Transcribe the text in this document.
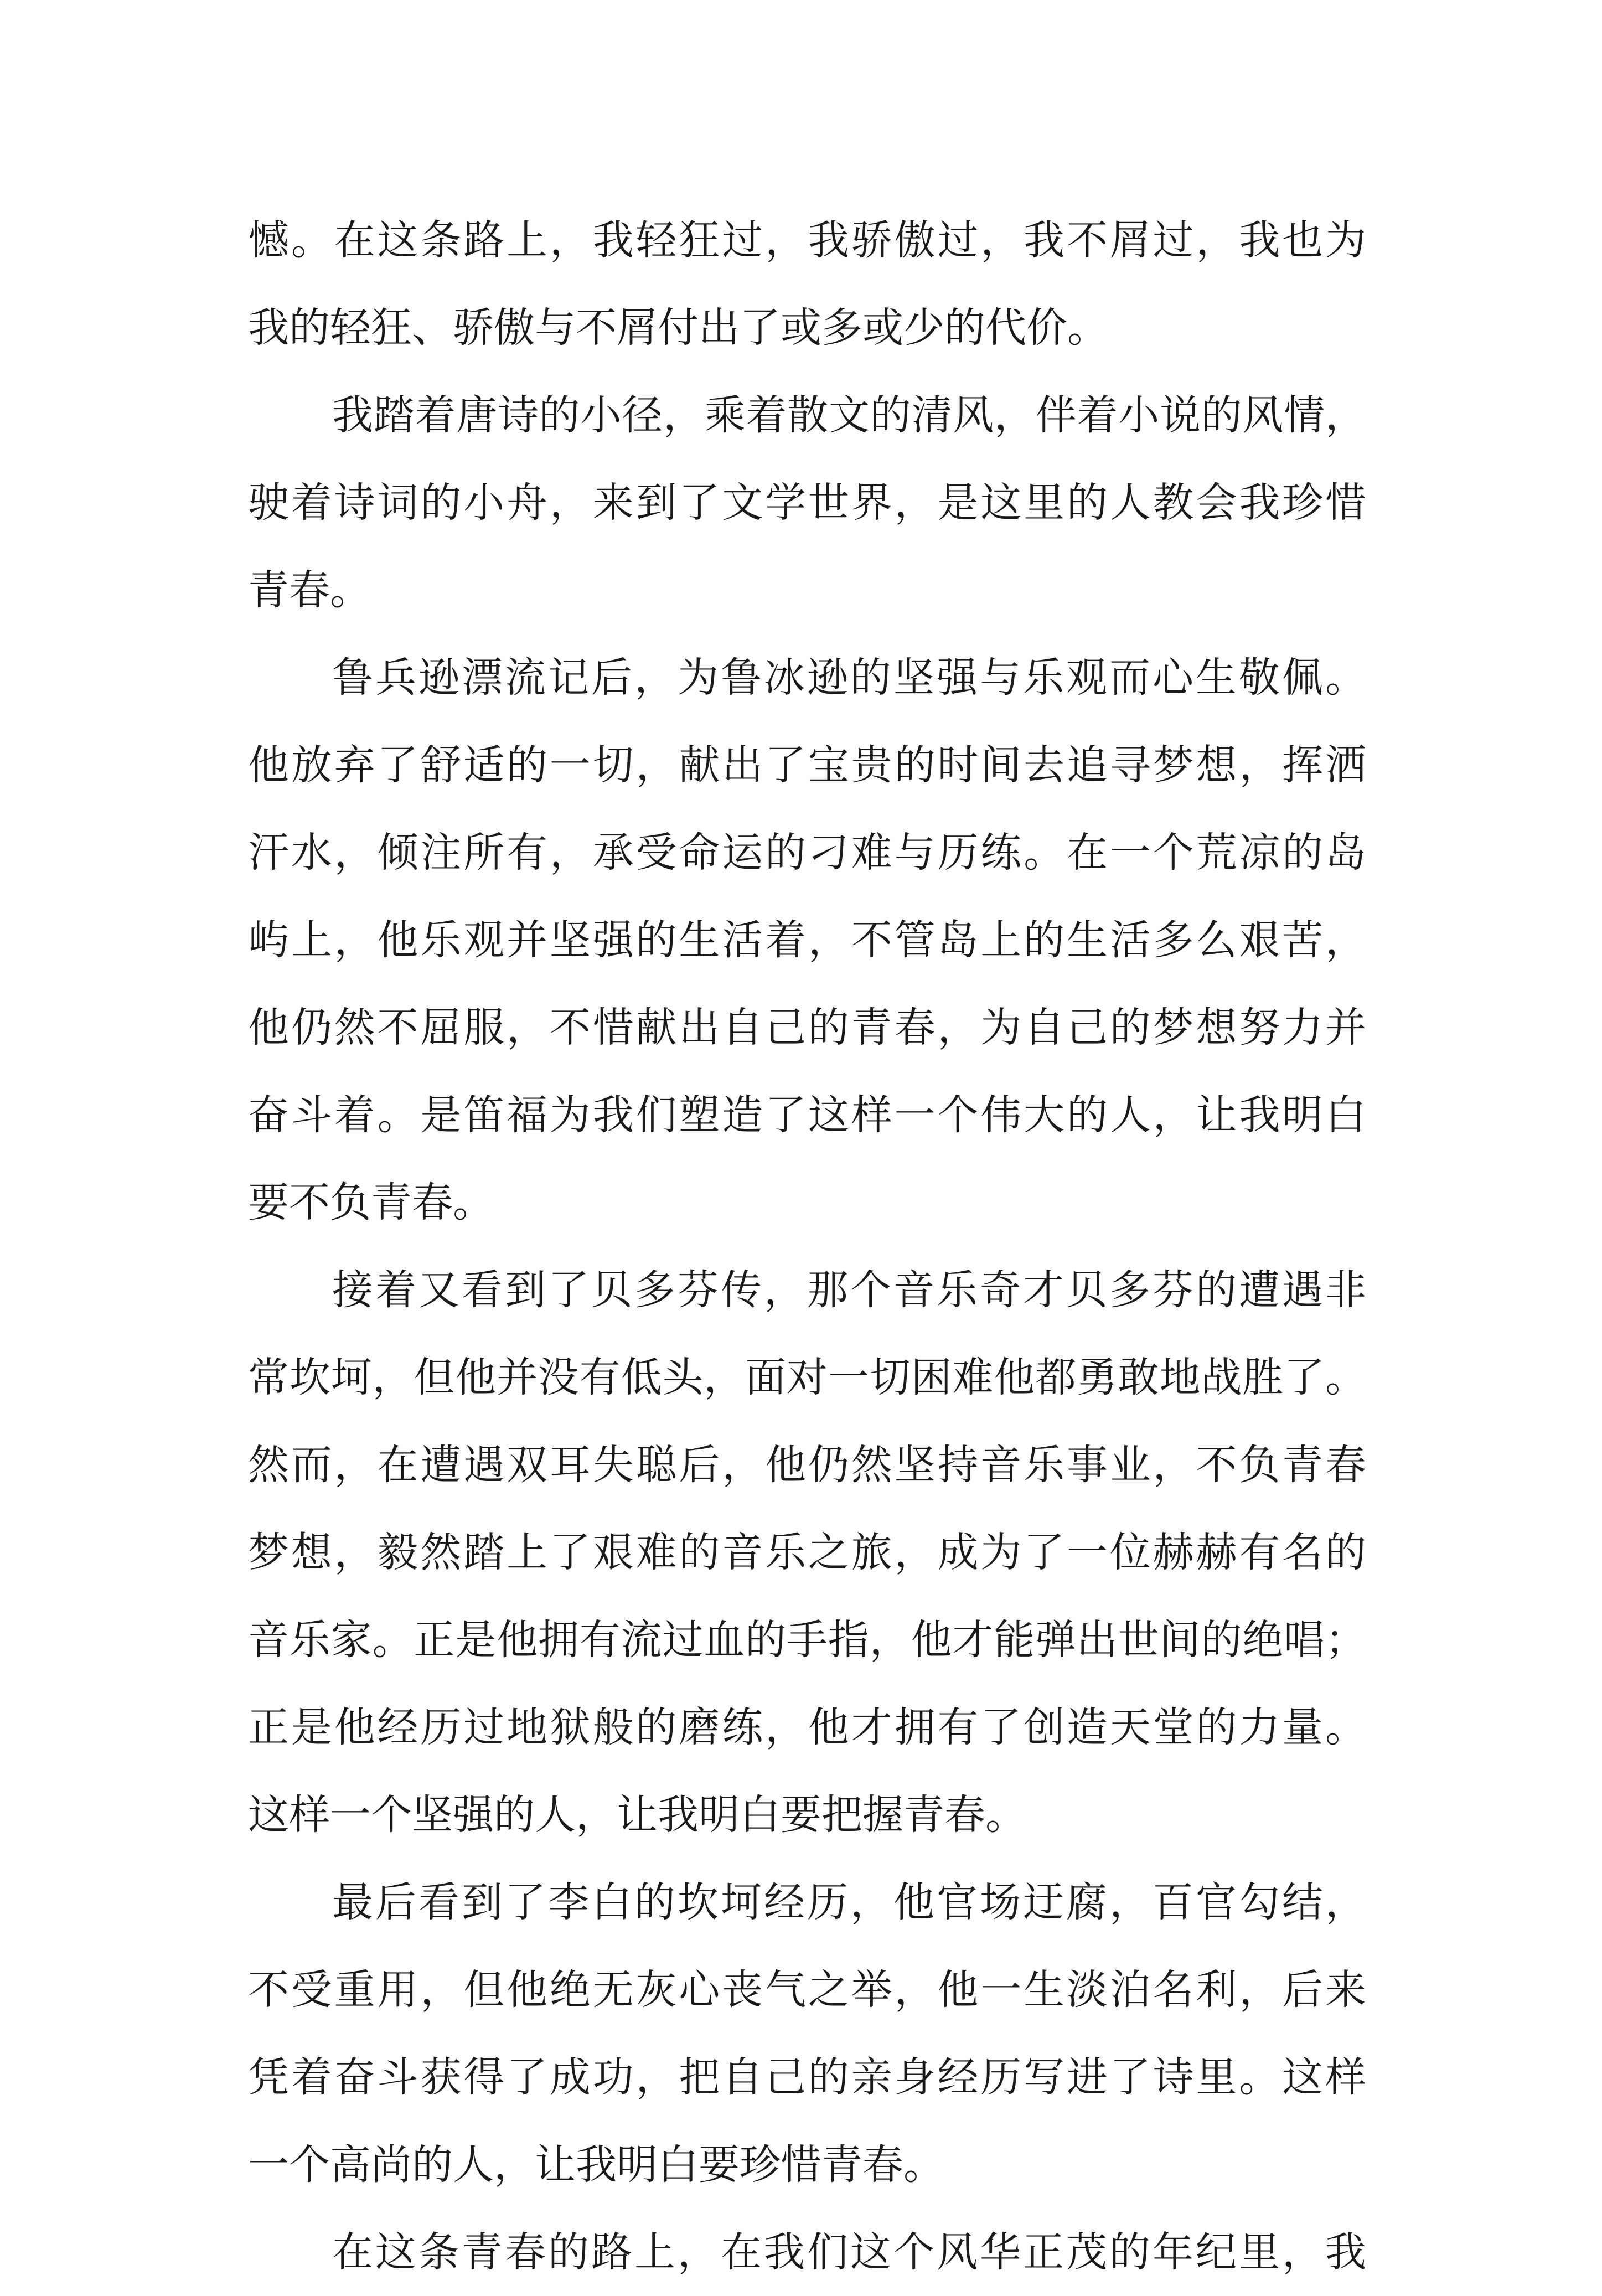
憾。在这条路上，我轻狂过，我骄傲过，我不屑过，我也为
我的轻狂、骄傲与不屑付出了或多或少的代价。
我踏着唐诗的小径，乘着散文的清风，伴着小说的风情，
驶着诗词的小舟，来到了文学世界，是这里的人教会我珍惜
青春。
鲁兵逊漂流记后，为鲁冰逊的坚强与乐观而心生敬佩。
他放弃了舒适的一切，献出了宝贵的时间去追寻梦想，挥洒
汗水，倾注所有，承受命运的刁难与历练。在一个荒凉的岛
屿上，他乐观并坚强的生活着，不管岛上的生活多么艰苦，
他仍然不屈服，不惜献出自己的青春，为自己的梦想努力并
奋斗着。是笛福为我们塑造了这样一个伟大的人，让我明白
要不负青春。
接着又看到了贝多芬传，那个音乐奇才贝多芬的遭遇非
常坎坷，但他并没有低头，面对一切困难他都勇敢地战胜了。
然而，在遭遇双耳失聪后，他仍然坚持音乐事业，不负青春
梦想，毅然踏上了艰难的音乐之旅，成为了一位赫赫有名的
音乐家。正是他拥有流过血的手指，他才能弹出世间的绝唱；
正是他经历过地狱般的磨练，他才拥有了创造天堂的力量。
这样一个坚强的人，让我明白要把握青春。
最后看到了李白的坎坷经历，他官场迂腐，百官勾结，
不受重用，但他绝无灰心丧气之举，他一生淡泊名利，后来
凭着奋斗获得了成功，把自己的亲身经历写进了诗里。这样
一个高尚的人，让我明白要珍惜青春。
在这条青春的路上，在我们这个风华正茂的年纪里，我
